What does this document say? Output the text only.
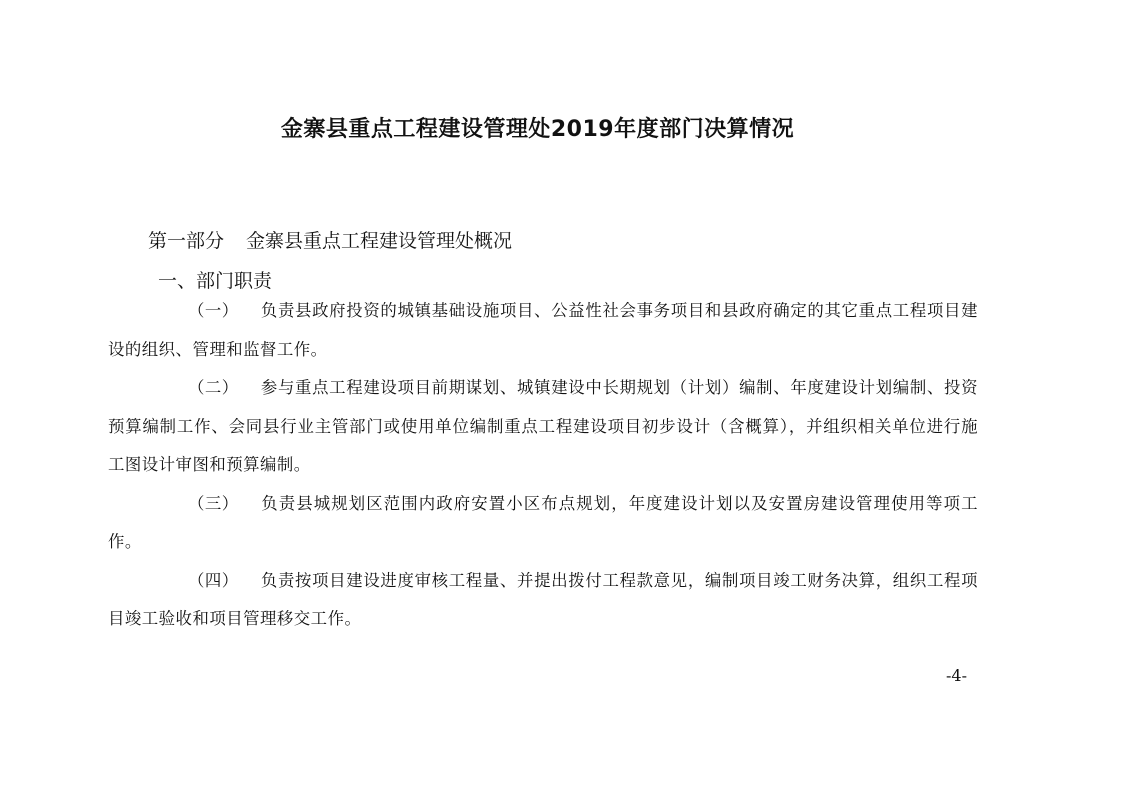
金寨县重点工程建设管理处2019年度部门决算情况
第一部分 金寨县重点工程建设管理处概况
一、部门职责

（一） 负责县政府投资的城镇基础设施项目、公益性社会事务项目和县政府确定的其它重点工程项目建设的组织、管理和监督工作。

（二） 参与重点工程建设项目前期谋划、城镇建设中长期规划（计划）编制、年度建设计划编制、投资预算编制工作、会同县行业主管部门或使用单位编制重点工程建设项目初步设计（含概算），并组织相关单位进行施工图设计审图和预算编制。

（三） 负责县城规划区范围内政府安置小区布点规划，年度建设计划以及安置房建设管理使用等项工作。

（四） 负责按项目建设进度审核工程量、并提出拨付工程款意见，编制项目竣工财务决算，组织工程项目竣工验收和项目管理移交工作。

-4-
